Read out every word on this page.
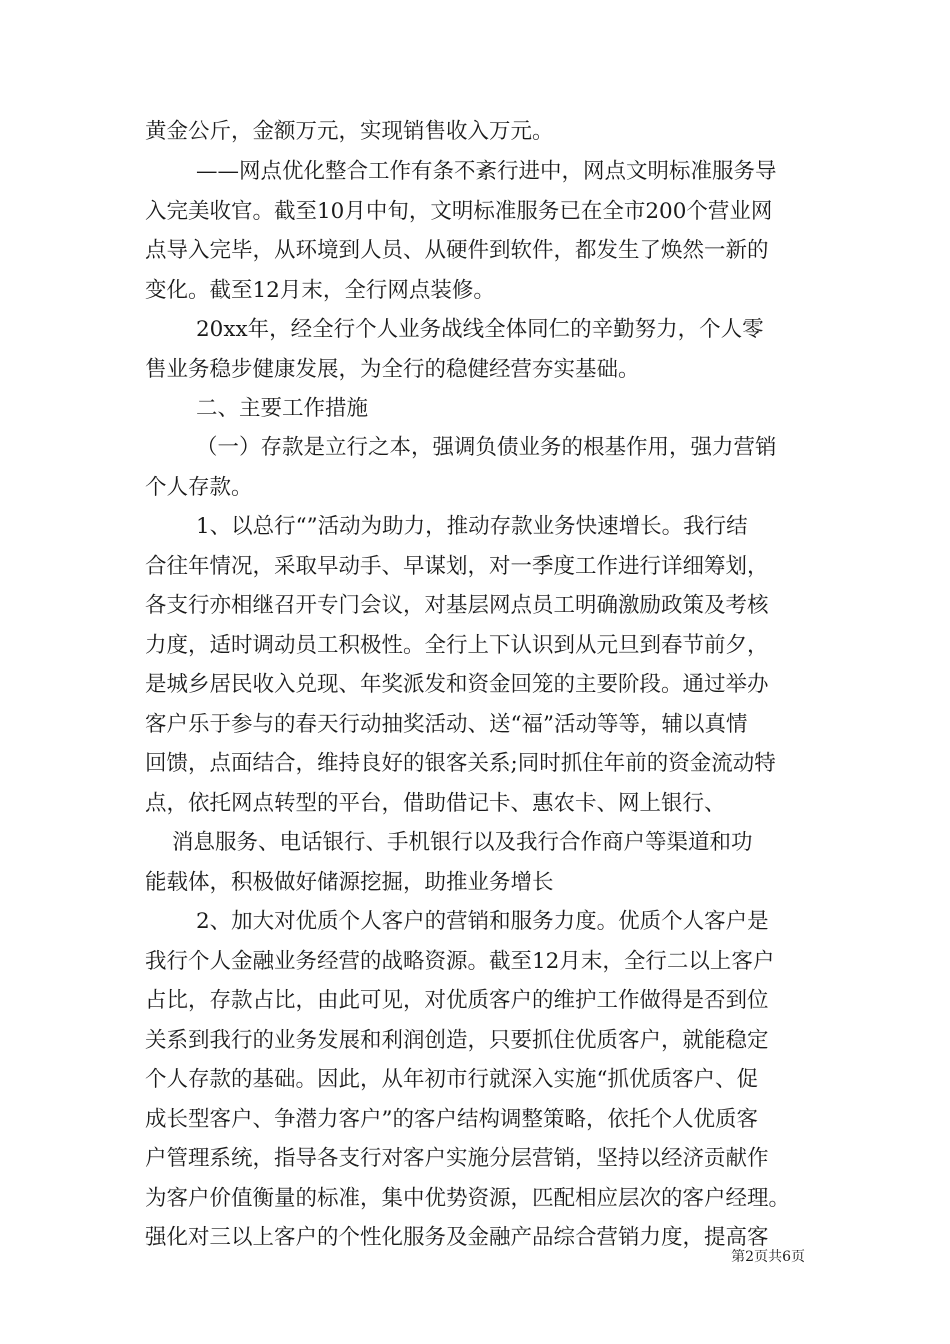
黄金公斤，金额万元，实现销售收入万元。
——网点优化整合工作有条不紊行进中，网点文明标准服务导
入完美收官。截至10月中旬，文明标准服务已在全市200个营业网
点导入完毕，从环境到人员、从硬件到软件，都发生了焕然一新的
变化。截至12月末，全行网点装修。
20xx年，经全行个人业务战线全体同仁的辛勤努力，个人零
售业务稳步健康发展，为全行的稳健经营夯实基础。
二、主要工作措施
（一）存款是立行之本，强调负债业务的根基作用，强力营销
个人存款。
1、以总行“”活动为助力，推动存款业务快速增长。我行结
合往年情况，采取早动手、早谋划，对一季度工作进行详细筹划，
各支行亦相继召开专门会议，对基层网点员工明确激励政策及考核
力度，适时调动员工积极性。全行上下认识到从元旦到春节前夕，
是城乡居民收入兑现、年奖派发和资金回笼的主要阶段。通过举办
客户乐于参与的春天行动抽奖活动、送“福”活动等等，辅以真情
回馈，点面结合，维持良好的银客关系;同时抓住年前的资金流动特
点，依托网点转型的平台，借助借记卡、惠农卡、网上银行、
消息服务、电话银行、手机银行以及我行合作商户等渠道和功
能载体，积极做好储源挖掘，助推业务增长
2、加大对优质个人客户的营销和服务力度。优质个人客户是
我行个人金融业务经营的战略资源。截至12月末，全行二以上客户
占比，存款占比，由此可见，对优质客户的维护工作做得是否到位
关系到我行的业务发展和利润创造，只要抓住优质客户，就能稳定
个人存款的基础。因此，从年初市行就深入实施“抓优质客户、促
成长型客户、争潜力客户”的客户结构调整策略，依托个人优质客
户管理系统，指导各支行对客户实施分层营销，坚持以经济贡献作
为客户价值衡量的标准，集中优势资源，匹配相应层次的客户经理。
强化对三以上客户的个性化服务及金融产品综合营销力度，提高客
第2页共6页
